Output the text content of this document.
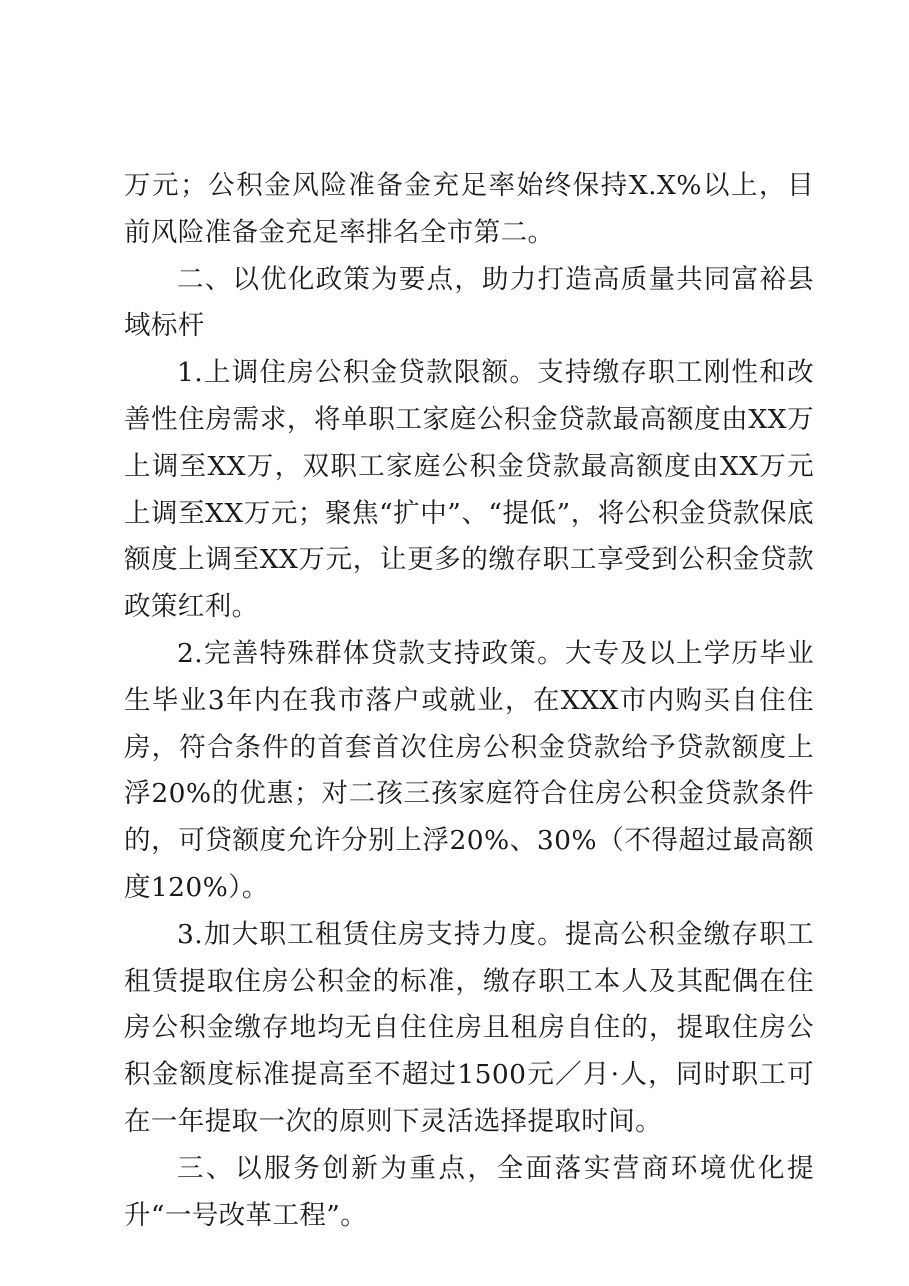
万元；公积金风险准备金充足率始终保持X.X%以上，目前风险准备金充足率排名全市第二。

二、以优化政策为要点，助力打造高质量共同富裕县域标杆

1.上调住房公积金贷款限额。支持缴存职工刚性和改善性住房需求，将单职工家庭公积金贷款最高额度由XX万上调至XX万，双职工家庭公积金贷款最高额度由XX万元上调至XX万元；聚焦“扩中”、“提低”，将公积金贷款保底额度上调至XX万元，让更多的缴存职工享受到公积金贷款政策红利。

2.完善特殊群体贷款支持政策。大专及以上学历毕业生毕业3年内在我市落户或就业，在XXX市内购买自住住房，符合条件的首套首次住房公积金贷款给予贷款额度上浮20%的优惠；对二孩三孩家庭符合住房公积金贷款条件的，可贷额度允许分别上浮20%、30%（不得超过最高额度120%）。

3.加大职工租赁住房支持力度。提高公积金缴存职工租赁提取住房公积金的标准，缴存职工本人及其配偶在住房公积金缴存地均无自住住房且租房自住的，提取住房公积金额度标准提高至不超过1500元／月·人，同时职工可在一年提取一次的原则下灵活选择提取时间。

三、以服务创新为重点，全面落实营商环境优化提升“一号改革工程”。
